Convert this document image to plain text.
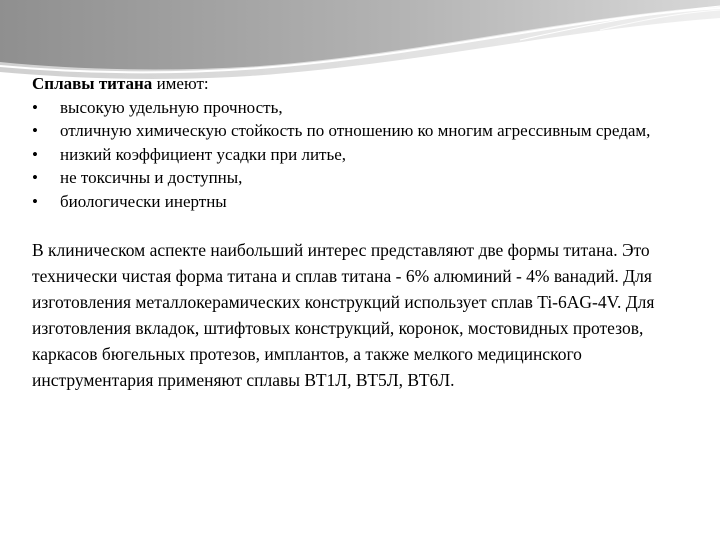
Сплавы титана имеют:

• высокую удельную прочность,
• отличную химическую стойкость по отношению ко многим агрессивным средам,
• низкий коэффициент усадки при литье,
• не токсичны и доступны,
• биологически инертны

В клиническом аспекте наибольший интерес представляют две формы титана. Это технически чистая форма титана и сплав титана - 6% алюминий - 4% ванадий. Для изготовления металлокерамических конструкций использует сплав Ti-6AG-4V. Для изготовления вкладок, штифтовых конструкций, коронок, мостовидных протезов, каркасов бюгельных протезов, имплантов, а также мелкого медицинского инструментария применяют сплавы ВТ1Л, ВТ5Л, ВТ6Л.
